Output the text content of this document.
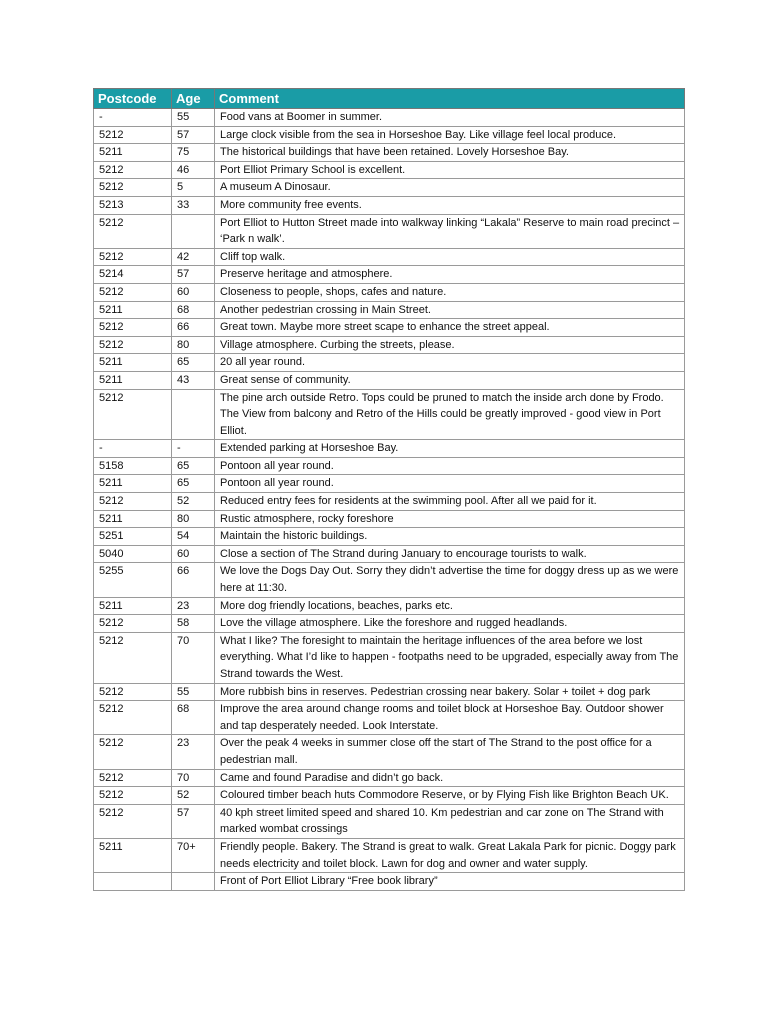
Postcode	Age	Comment
-	55	Food vans at Boomer in summer.
5212	57	Large clock visible from the sea in Horseshoe Bay. Like village feel local produce.
5211	75	The historical buildings that have been retained. Lovely Horseshoe Bay.
5212	46	Port Elliot Primary School is excellent.
5212	5	A museum A Dinosaur.
5213	33	More community free events.
5212		Port Elliot to Hutton Street made into walkway linking “Lakala” Reserve to main road precinct – ‘Park n walk’.
5212	42	Cliff top walk.
5214	57	Preserve heritage and atmosphere.
5212	60	Closeness to people, shops, cafes and nature.
5211	68	Another pedestrian crossing in Main Street.
5212	66	Great town. Maybe more street scape to enhance the street appeal.
5212	80	Village atmosphere. Curbing the streets, please.
5211	65	20 all year round.
5211	43	Great sense of community.
5212		The pine arch outside Retro. Tops could be pruned to match the inside arch done by Frodo. The View from balcony and Retro of the Hills could be greatly improved - good view in Port Elliot.
-	-	Extended parking at Horseshoe Bay.
5158	65	Pontoon all year round.
5211	65	Pontoon all year round.
5212	52	Reduced entry fees for residents at the swimming pool. After all we paid for it.
5211	80	Rustic atmosphere, rocky foreshore
5251	54	Maintain the historic buildings.
5040	60	Close a section of The Strand during January to encourage tourists to walk.
5255	66	We love the Dogs Day Out. Sorry they didn’t advertise the time for doggy dress up as we were here at 11:30.
5211	23	More dog friendly locations, beaches, parks etc.
5212	58	Love the village atmosphere. Like the foreshore and rugged headlands.
5212	70	What I like? The foresight to maintain the heritage influences of the area before we lost everything. What I’d like to happen - footpaths need to be upgraded, especially away from The Strand towards the West.
5212	55	More rubbish bins in reserves. Pedestrian crossing near bakery. Solar + toilet + dog park
5212	68	Improve the area around change rooms and toilet block at Horseshoe Bay. Outdoor shower and tap desperately needed. Look Interstate.
5212	23	Over the peak 4 weeks in summer close off the start of The Strand to the post office for a pedestrian mall.
5212	70	Came and found Paradise and didn’t go back.
5212	52	Coloured timber beach huts Commodore Reserve, or by Flying Fish like Brighton Beach UK.
5212	57	40 kph street limited speed and shared 10. Km pedestrian and car zone on The Strand with marked wombat crossings
5211	70+	Friendly people. Bakery. The Strand is great to walk. Great Lakala Park for picnic. Doggy park needs electricity and toilet block. Lawn for dog and owner and water supply.
		Front of Port Elliot Library “Free book library”
